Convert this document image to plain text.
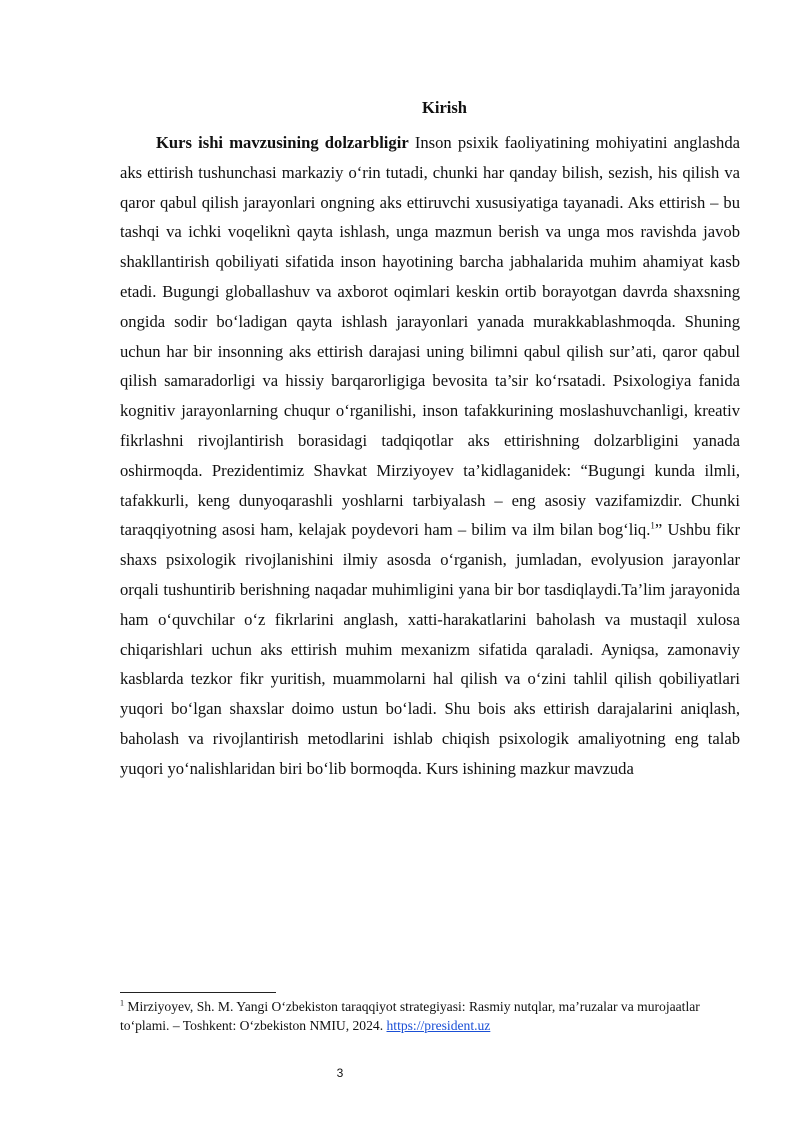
Kirish

Kurs ishi mavzusining dolzarbligir Inson psixik faoliyatining mohiyatini anglashda aks ettirish tushunchasi markaziy o‘rin tutadi, chunki har qanday bilish, sezish, his qilish va qaror qabul qilish jarayonlari ongning aks ettiruvchi xususiyatiga tayanadi. Aks ettirish – bu tashqi va ichki voqeliknì qayta ishlash, unga mazmun berish va unga mos ravishda javob shakllantirish qobiliyati sifatida inson hayotining barcha jabhalarida muhim ahamiyat kasb etadi. Bugungi globallashuv va axborot oqimlari keskin ortib borayotgan davrda shaxsning ongida sodir bo‘ladigan qayta ishlash jarayonlari yanada murakkablashmoqda. Shuning uchun har bir insonning aks ettirish darajasi uning bilimni qabul qilish sur’ati, qaror qabul qilish samaradorligi va hissiy barqarorligiga bevosita ta’sir ko‘rsatadi. Psixologiya fanida kognitiv jarayonlarning chuqur o‘rganilishi, inson tafakkurining moslashuvchanligi, kreativ fikrlashni rivojlantirish borasidagi tadqiqotlar aks ettirishning dolzarbligini yanada oshirmoqda. Prezidentimiz Shavkat Mirziyoyev ta’kidlaganidek: “Bugungi kunda ilmli, tafakkurli, keng dunyoqarashli yoshlarni tarbiyalash – eng asosiy vazifamizdir. Chunki taraqqiyotning asosi ham, kelajak poydevori ham – bilim va ilm bilan bog‘liq.$^1$” Ushbu fikr shaxs psixologik rivojlanishini ilmiy asosda o‘rganish, jumladan, evolyusion jarayonlar orqali tushuntirib berishning naqadar muhimligini yana bir bor tasdiqlaydi.Ta’lim jarayonida ham o‘quvchilar o‘z fikrlarini anglash, xatti-harakatlarini baholash va mustaqil xulosa chiqarishlari uchun aks ettirish muhim mexanizm sifatida qaraladi. Ayniqsa, zamonaviy kasblarda tezkor fikr yuritish, muammolarni hal qilish va o‘zini tahlil qilish qobiliyatlari yuqori bo‘lgan shaxslar doimo ustun bo‘ladi. Shu bois aks ettirish darajalarini aniqlash, baholash va rivojlantirish metodlarini ishlab chiqish psixologik amaliyotning eng talab yuqori yo‘nalishlaridan biri bo‘lib bormoqda. Kurs ishining mazkur mavzuda

$^1$ Mirziyoyev, Sh. M. Yangi O‘zbekiston taraqqiyot strategiyasi: Rasmiy nutqlar, ma’ruzalar va murojaatlar to‘plami. – Toshkent: O‘zbekiston NMIU, 2024. https://president.uz

3
